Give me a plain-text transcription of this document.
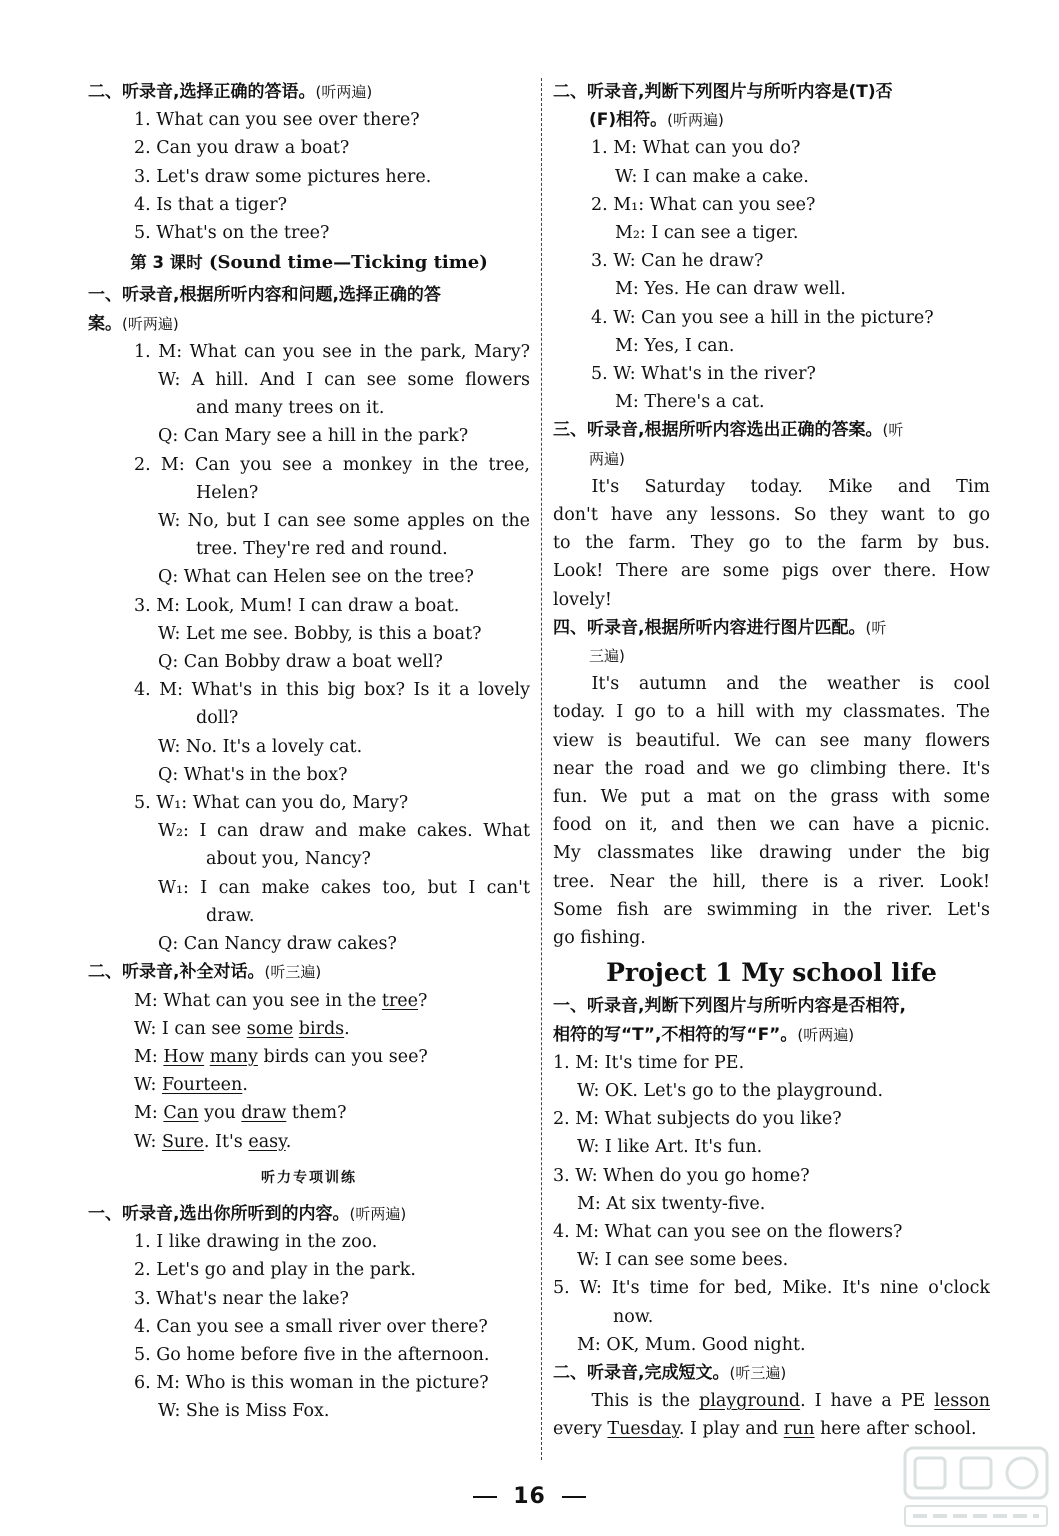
二、听录音,选择正确的答语。(听两遍)
1. What can you see over there?
2. Can you draw a boat?
3. Let's draw some pictures here.
4. Is that a tiger?
5. What's on the tree?
第 3 课时 (Sound time—Ticking time)
一、听录音,根据所听内容和问题,选择正确的答
案。(听两遍)
1. M: What can you see in the park, Mary?
W: A hill. And I can see some flowers
and many trees on it.
Q: Can Mary see a hill in the park?
2. M: Can you see a monkey in the tree,
Helen?
W: No, but I can see some apples on the
tree. They're red and round.
Q: What can Helen see on the tree?
3. M: Look, Mum! I can draw a boat.
W: Let me see. Bobby, is this a boat?
Q: Can Bobby draw a boat well?
4. M: What's in this big box? Is it a lovely
doll?
W: No. It's a lovely cat.
Q: What's in the box?
5. W₁: What can you do, Mary?
W₂: I can draw and make cakes. What
about you, Nancy?
W₁: I can make cakes too, but I can't
draw.
Q: Can Nancy draw cakes?
二、听录音,补全对话。(听三遍)
M: What can you see in the tree?
W: I can see some birds.
M: How many birds can you see?
W: Fourteen.
M: Can you draw them?
W: Sure. It's easy.
听力专项训练
一、听录音,选出你所听到的内容。(听两遍)
1. I like drawing in the zoo.
2. Let's go and play in the park.
3. What's near the lake?
4. Can you see a small river over there?
5. Go home before five in the afternoon.
6. M: Who is this woman in the picture?
W: She is Miss Fox.
二、听录音,判断下列图片与所听内容是(T)否
(F)相符。(听两遍)
1. M: What can you do?
W: I can make a cake.
2. M₁: What can you see?
M₂: I can see a tiger.
3. W: Can he draw?
M: Yes. He can draw well.
4. W: Can you see a hill in the picture?
M: Yes, I can.
5. W: What's in the river?
M: There's a cat.
三、听录音,根据所听内容选出正确的答案。(听
两遍)
It's Saturday today. Mike and Tim
don't have any lessons. So they want to go
to the farm. They go to the farm by bus.
Look! There are some pigs over there. How
lovely!
四、听录音,根据所听内容进行图片匹配。(听
三遍)
It's autumn and the weather is cool
today. I go to a hill with my classmates. The
view is beautiful. We can see many flowers
near the road and we go climbing there. It's
fun. We put a mat on the grass with some
food on it, and then we can have a picnic.
My classmates like drawing under the big
tree. Near the hill, there is a river. Look!
Some fish are swimming in the river. Let's
go fishing.
Project 1 My school life
一、听录音,判断下列图片与所听内容是否相符,
相符的写“T”,不相符的写“F”。(听两遍)
1. M: It's time for PE.
W: OK. Let's go to the playground.
2. M: What subjects do you like?
W: I like Art. It's fun.
3. W: When do you go home?
M: At six twenty-five.
4. M: What can you see on the flowers?
W: I can see some bees.
5. W: It's time for bed, Mike. It's nine o'clock
now.
M: OK, Mum. Good night.
二、听录音,完成短文。(听三遍)
This is the playground. I have a PE lesson
every Tuesday. I play and run here after school.
16
